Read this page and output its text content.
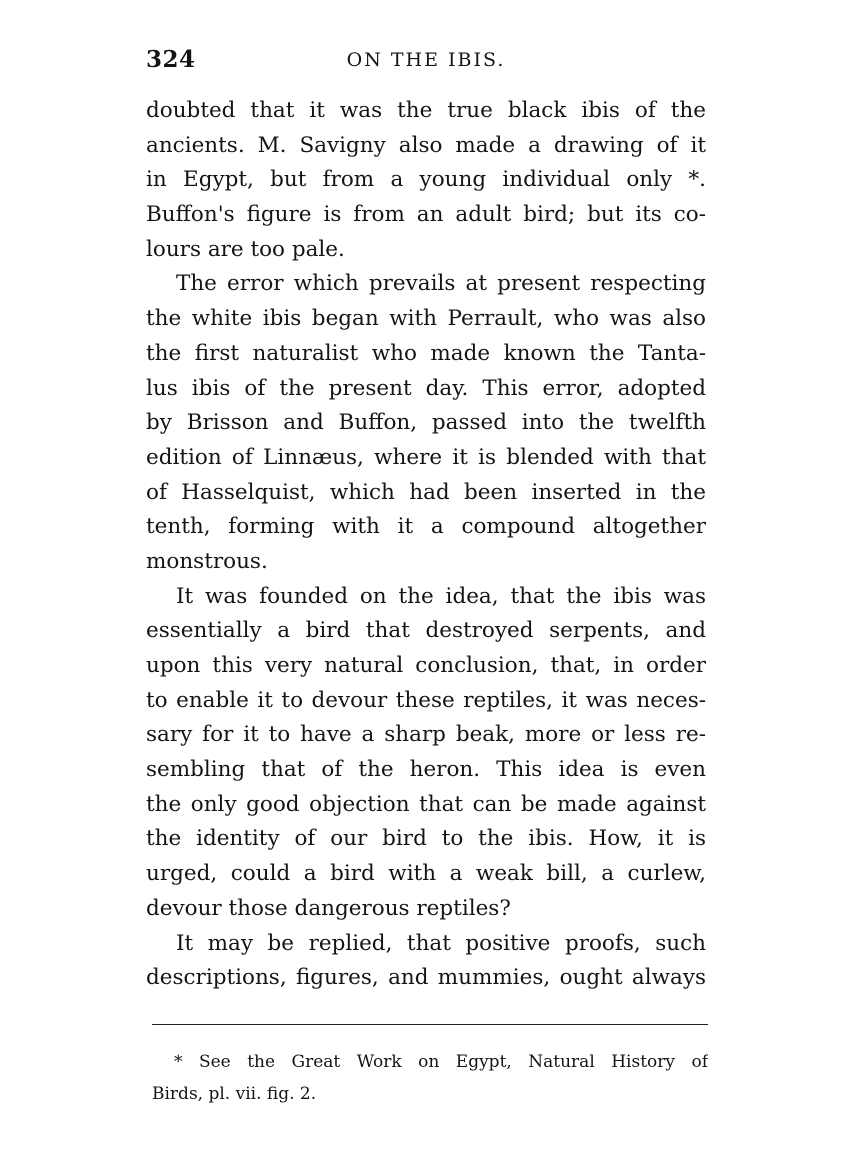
324	ON THE IBIS.
doubted that it was the true black ibis of the
ancients. M. Savigny also made a drawing of it
in Egypt, but from a young individual only *.
Buffon's figure is from an adult bird; but its co-
lours are too pale.
The error which prevails at present respecting
the white ibis began with Perrault, who was also
the first naturalist who made known the Tanta-
lus ibis of the present day. This error, adopted
by Brisson and Buffon, passed into the twelfth
edition of Linnæus, where it is blended with that
of Hasselquist, which had been inserted in the
tenth, forming with it a compound altogether
monstrous.
It was founded on the idea, that the ibis was
essentially a bird that destroyed serpents, and
upon this very natural conclusion, that, in order
to enable it to devour these reptiles, it was neces-
sary for it to have a sharp beak, more or less re-
sembling that of the heron. This idea is even
the only good objection that can be made against
the identity of our bird to the ibis. How, it is
urged, could a bird with a weak bill, a curlew,
devour those dangerous reptiles?
It may be replied, that positive proofs, such
descriptions, figures, and mummies, ought always
* See the Great Work on Egypt, Natural History of
Birds, pl. vii. fig. 2.
